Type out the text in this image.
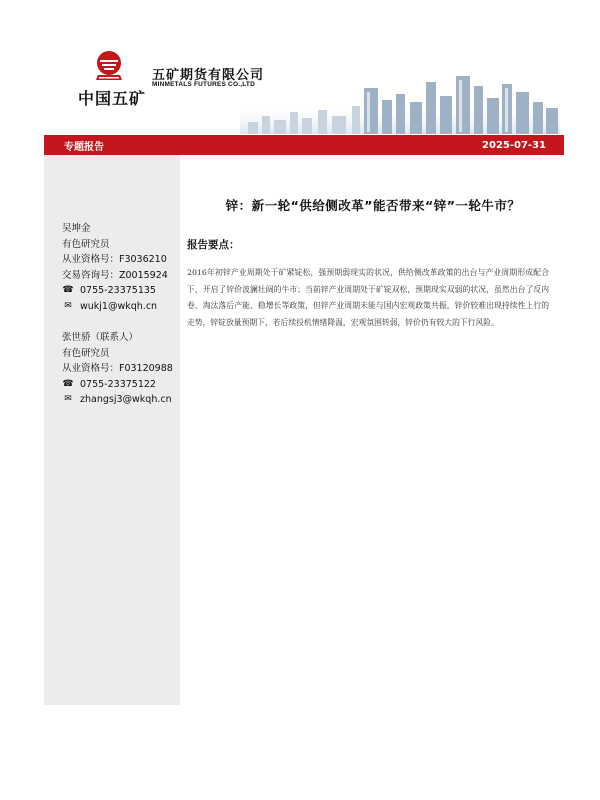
中国五矿
五矿期货有限公司
MINMETALS FUTURES CO.,LTD
专题报告	2025-07-31
吴坤金
有色研究员
从业资格号：F3036210
交易咨询号：Z0015924
☎ 0755-23375135
✉ wukj1@wkqh.cn
张世骄（联系人）
有色研究员
从业资格号：F03120988
☎ 0755-23375122
✉ zhangsj3@wkqh.cn
锌：新一轮“供给侧改革”能否带来“锌”一轮牛市？
报告要点：
2016年初锌产业周期处于矿紧锭松，强预期弱现实的状况，供给侧改革政策的出台与产业周期形成配合下，开启了锌价波澜壮阔的牛市；当前锌产业周期处于矿锭双松，预期现实双弱的状况，虽然出台了反内卷、淘汰落后产能、稳增长等政策，但锌产业周期未能与国内宏观政策共振，锌价较难出现持续性上行的走势，锌锭放量预期下，若后续投机情绪降温，宏观氛围转弱，锌价仍有较大的下行风险。
